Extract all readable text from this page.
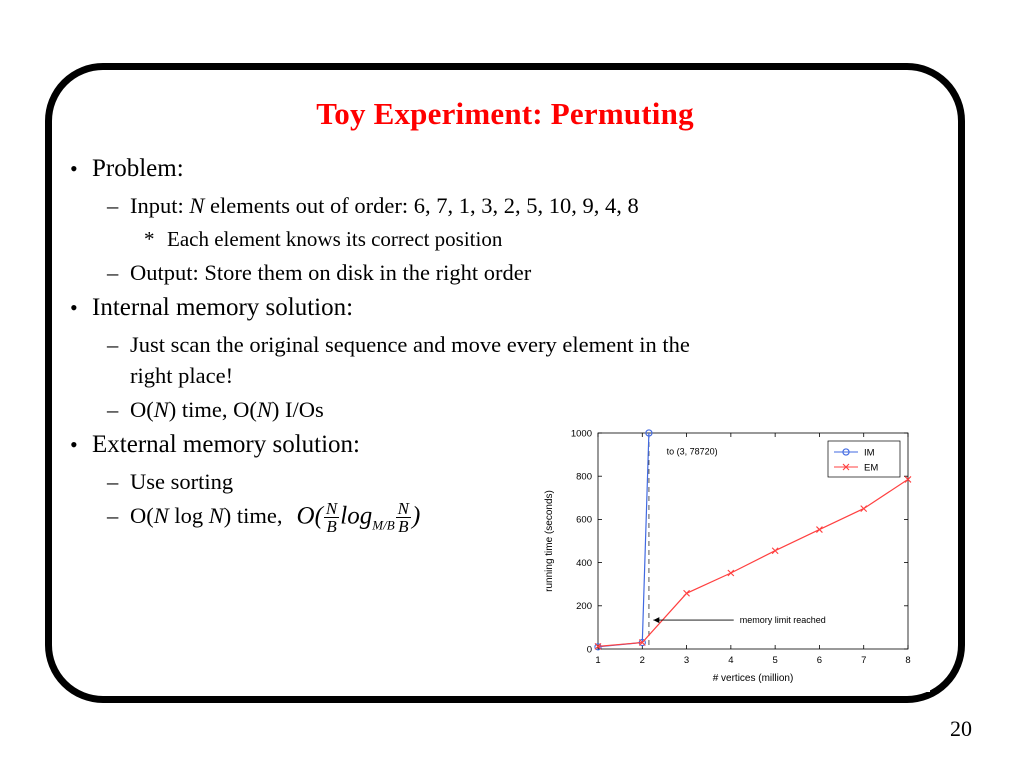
Toy Experiment: Permuting
• Problem:
– Input: N elements out of order: 6, 7, 1, 3, 2, 5, 10, 9, 4, 8
* Each element knows its correct position
– Output: Store them on disk in the right order
• Internal memory solution:
– Just scan the original sequence and move every element in the right place!
– O(N) time, O(N) I/Os
• External memory solution:
– Use sorting
– O(N log N) time, $O( \frac{N}{B} \log_{M/B} \frac{N}{B}$ )
1	2	3	4	5	6	7	8
0
200
400
600
800
1000
# vertices (million)
running time (seconds)
to (3, 78720)
memory limit reached
IM
EM
20
